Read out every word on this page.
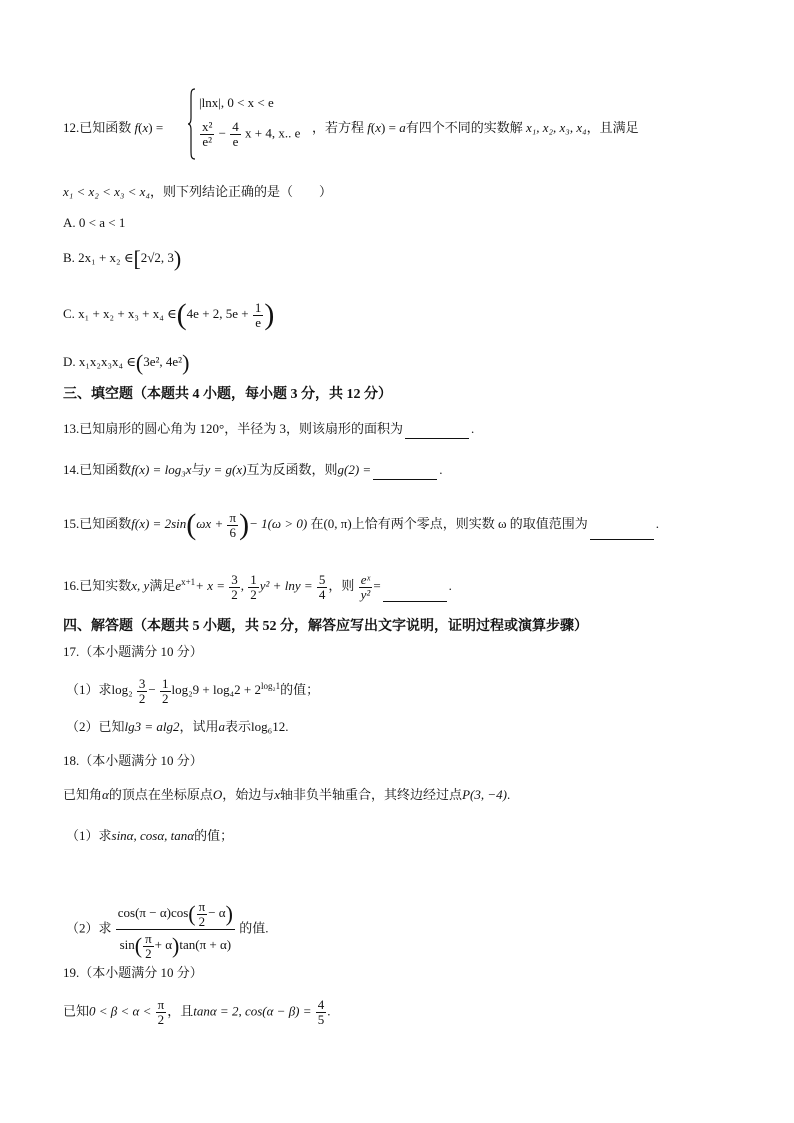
12.已知函数 f(x) =
|lnx|, 0 < x < e
$\frac{\text{x²}}{\text{e²}} - \frac{4}{e}$ x + 4, x.. e ，若方程 f(x) = a有四个不同的实数解 x₁, x₂, x₃, x₄，且满足
x₁ < x₂ < x₃ < x₄，则下列结论正确的是（　　）
A. 0 < a < 1
B. 2x₁ + x₂ ∈[2√2, 3)
C. x₁ + x₂ + x₃ + x₄ ∈(4e + 2, $5e + \frac{1}{e}$ )
D. x₁x₂x₃x₄ ∈(3e², 4e²)
三、填空题（本题共 4 小题，每小题 3 分，共 12 分）
13.已知扇形的圆心角为 120°，半径为 3，则该扇形的面积为	.
14.已知函数f(x) = log₃x与y = g(x)互为反函数，则g(2) =	.
15.已知函数$f(x) = 2\sin(\omega x + \frac{\pi}{6}$ )− 1(ω > 0) 在(0, π)上恰有两个零点，则实数 ω 的取值范围为	.
16.已知实数x, y满足$e^{x+1}+ x = \frac{3}{2}$ , $\frac{1}{2} y^2 + \ln y = \frac{5}{4}$ ，则 $\frac{\text{eˣ}}{\text{y²}}$ =	.
四、解答题（本题共 5 小题，共 52 分，解答应写出文字说明，证明过程或演算步骤）
17.（本小题满分 10 分）
（1）求$\log_2 \frac{3}{2} - \frac{1}{2} \log_29 + \log_42 + 2^{log_21}$的值；
（2）已知lg3 = alg2，试用a表示log₆12.
18.（本小题满分 10 分）
已知角α的顶点在坐标原点O，始边与x轴非负半轴重合，其终边经过点P(3, −4).
（1）求sinα, cosα, tanα的值；
（2）求 $\frac{\cos(\pi - \alpha)\cos( \frac{\pi}{2} - \alpha)}{\sin( \frac{\pi}{2} + \alpha)\tan(\pi + \alpha)}$ 的值.
19.（本小题满分 10 分）
已知$0 < \beta < \alpha < \frac{\pi}{2}$ ，且tanα = 2, $\cos(\alpha - \beta) = \frac{4}{5}$ .
